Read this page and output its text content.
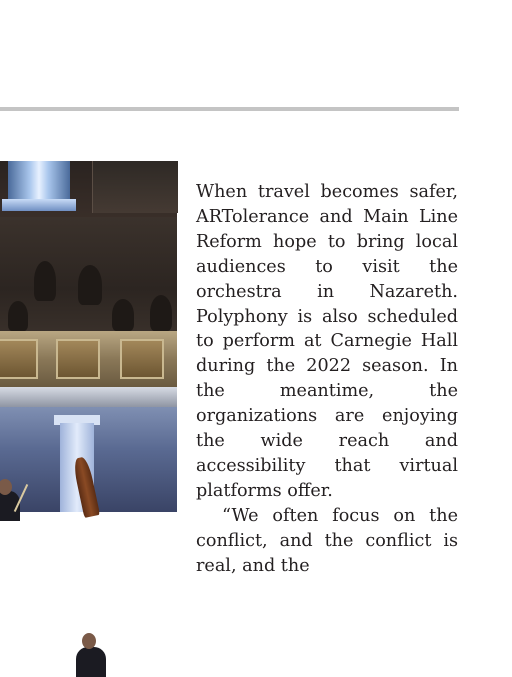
When travel becomes safer, ARTolerance and Main Line Reform hope to bring local audiences to visit the orchestra in Nazareth. Polyphony is also scheduled to perform at Carnegie Hall during the 2022 season. In the meantime, the organizations are enjoying the wide reach and accessibility that virtual platforms offer.

“We often focus on the conflict, and the conflict is real, and the
